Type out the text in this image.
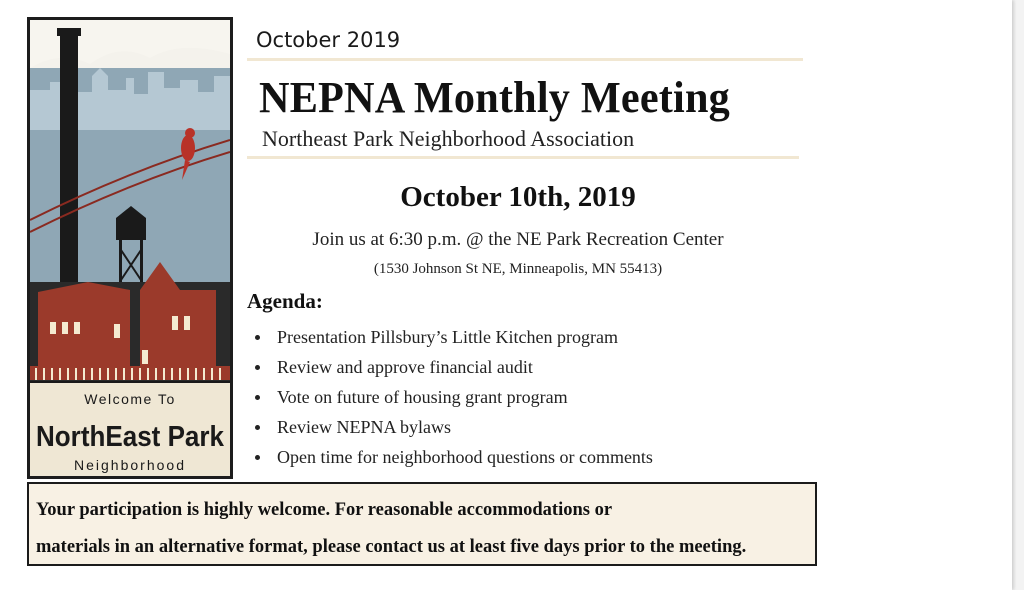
Welcome To
NorthEast Park
Neighborhood
October 2019
NEPNA Monthly Meeting
Northeast Park Neighborhood Association
October 10th, 2019
Join us at 6:30 p.m. @ the NE Park Recreation Center
(1530 Johnson St NE, Minneapolis, MN 55413)
Agenda:
Presentation Pillsbury’s Little Kitchen program
Review and approve financial audit
Vote on future of housing grant program
Review NEPNA bylaws
Open time for neighborhood questions or comments
Your participation is highly welcome. For reasonable accommodations or
materials in an alternative format, please contact us at least five days prior to the meeting.
